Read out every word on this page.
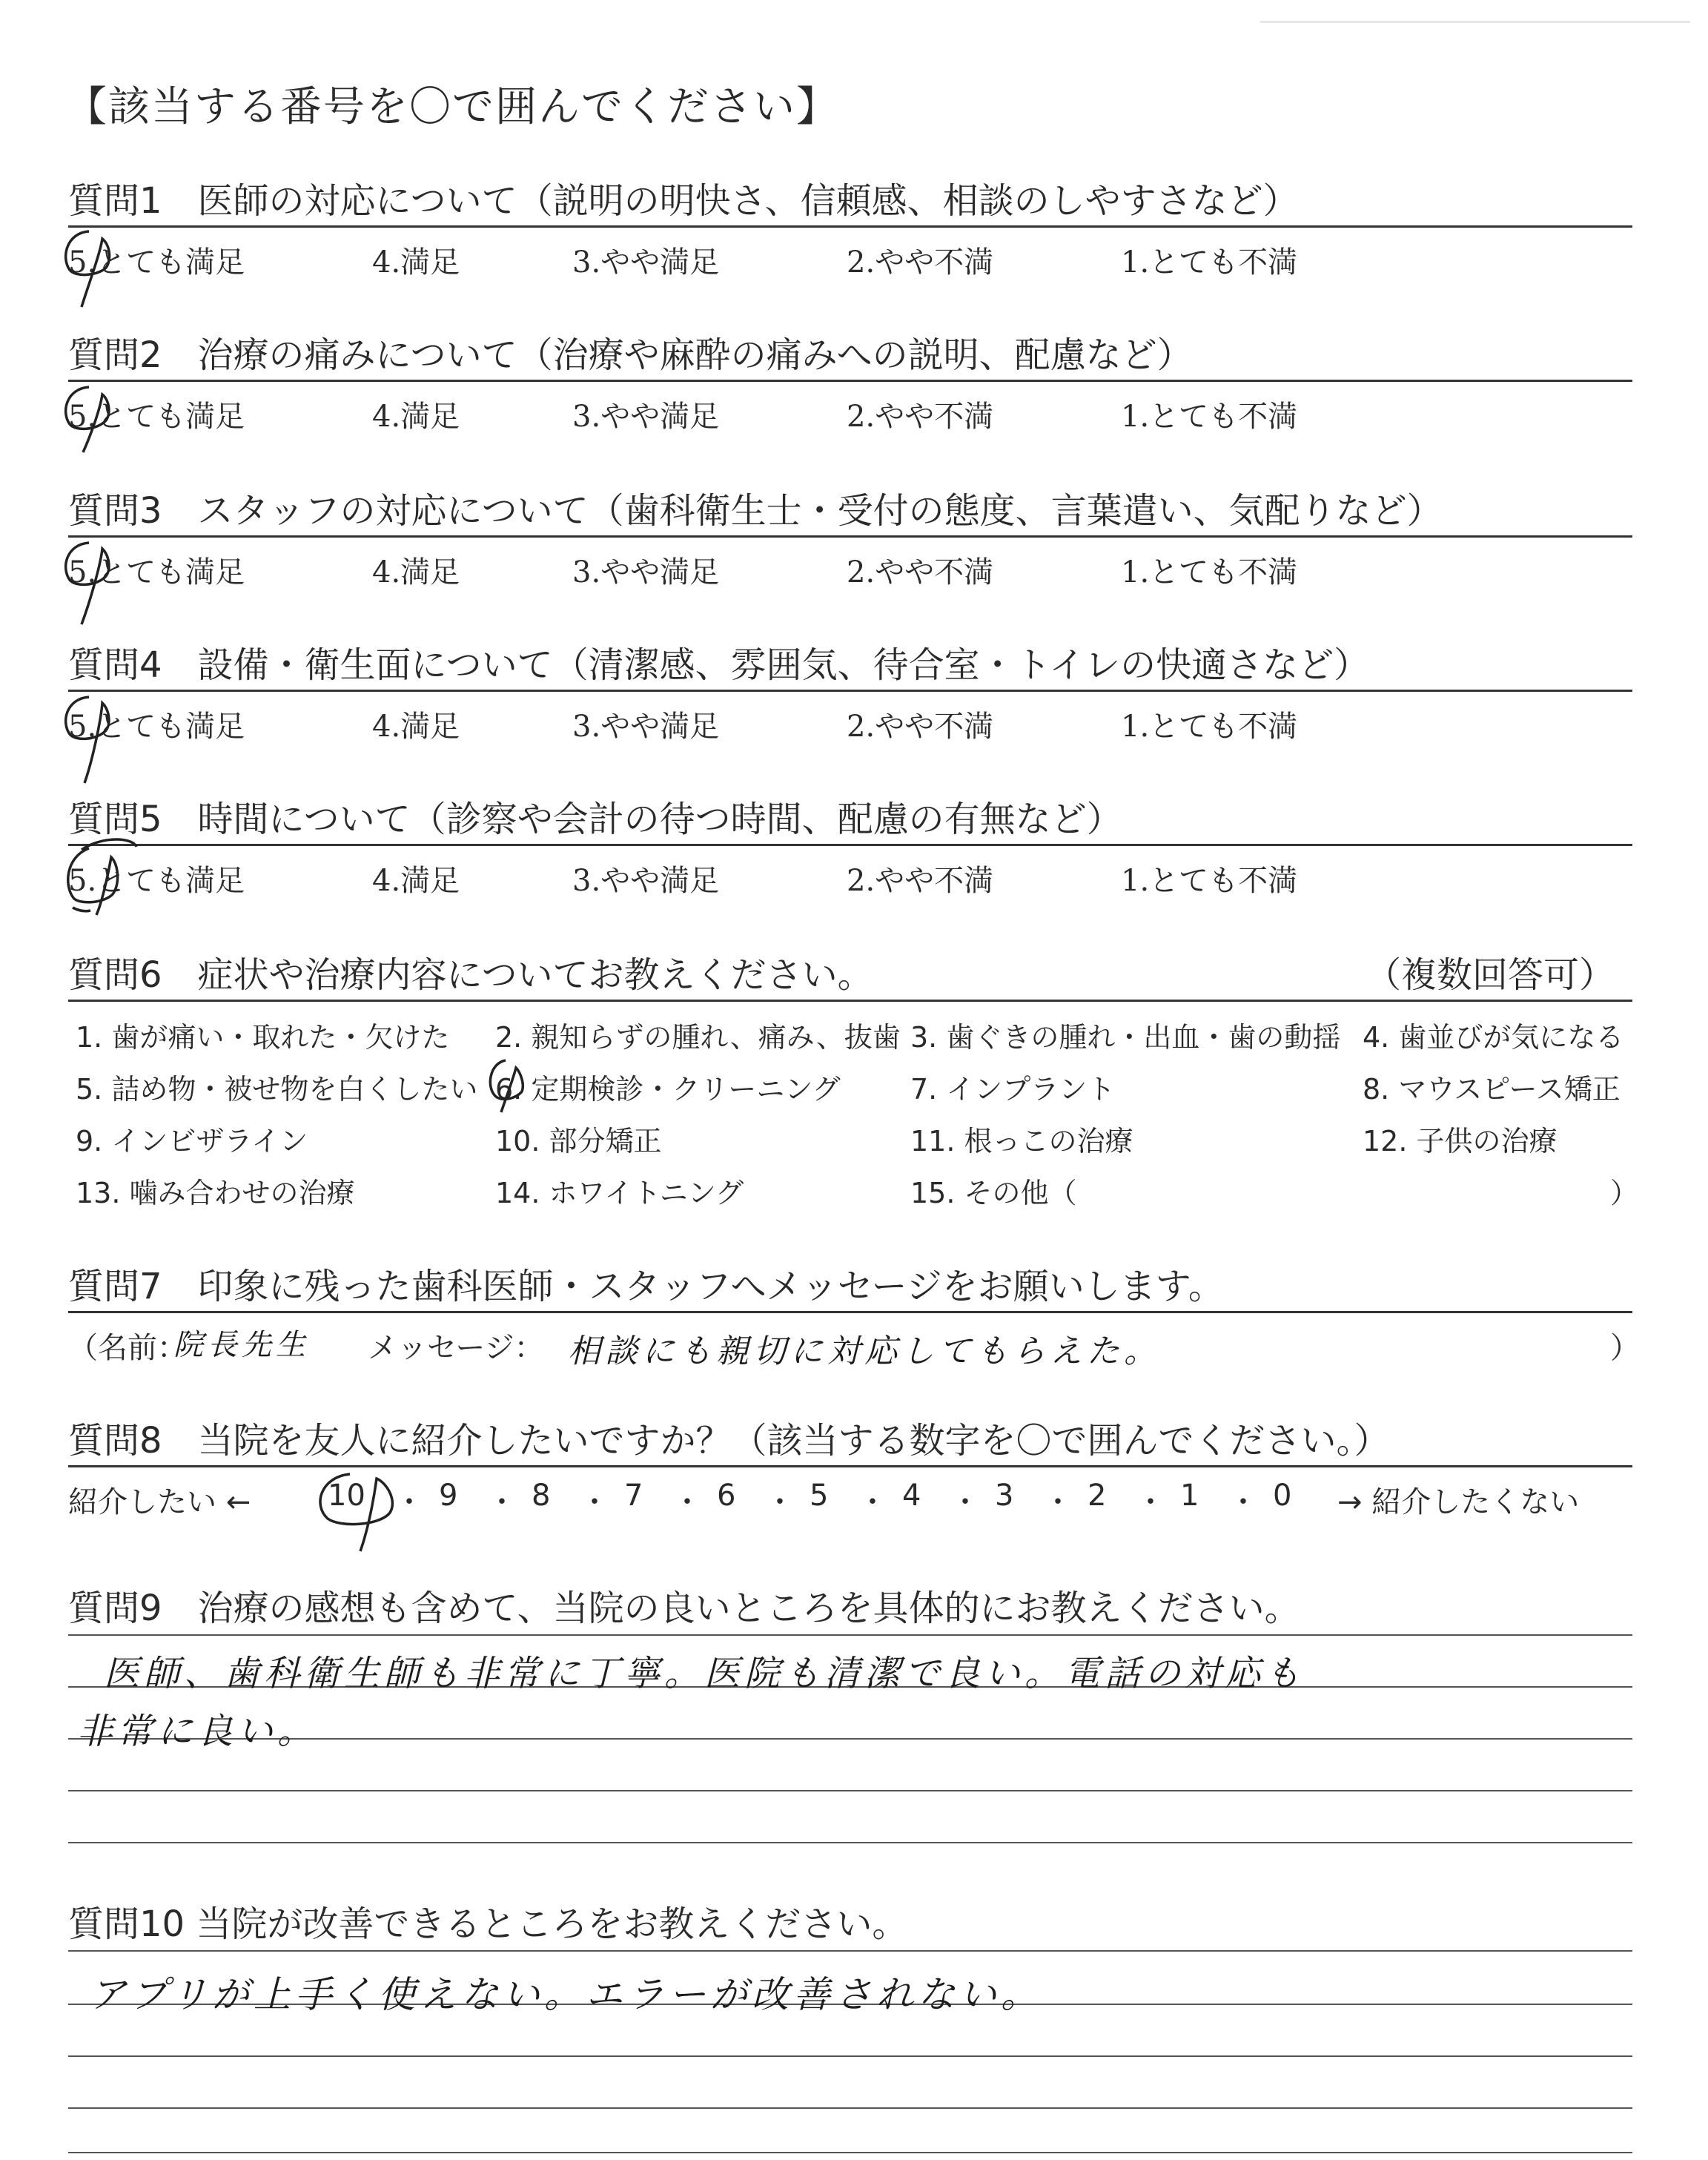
【該当する番号を〇で囲んでください】
質問1　医師の対応について（説明の明快さ、信頼感、相談のしやすさなど）
5.とても満足	4.満足	3.やや満足	2.やや不満	1.とても不満
質問2　治療の痛みについて（治療や麻酔の痛みへの説明、配慮など）
5.とても満足	4.満足	3.やや満足	2.やや不満	1.とても不満
質問3　スタッフの対応について（歯科衛生士・受付の態度、言葉遣い、気配りなど）
5.とても満足	4.満足	3.やや満足	2.やや不満	1.とても不満
質問4　設備・衛生面について（清潔感、雰囲気、待合室・トイレの快適さなど）
5.とても満足	4.満足	3.やや満足	2.やや不満	1.とても不満
質問5　時間について（診察や会計の待つ時間、配慮の有無など）
5.とても満足	4.満足	3.やや満足	2.やや不満	1.とても不満
質問6　症状や治療内容についてお教えください。	（複数回答可）
1. 歯が痛い・取れた・欠けた 2. 親知らずの腫れ、痛み、抜歯 3. 歯ぐきの腫れ・出血・歯の動揺 4. 歯並びが気になる
5. 詰め物・被せ物を白くしたい 6. 定期検診・クリーニング 7. インプラント	8. マウスピース矯正
9. インビザライン	10. 部分矯正	11. 根っこの治療	12. 子供の治療
13. 噛み合わせの治療	14. ホワイトニング	15. その他（	）
質問7　印象に残った歯科医師・スタッフへメッセージをお願いします。
（名前：
院長先生 メッセージ： 相談にも親切に対応してもらえた。	）
質問8　当院を友人に紹介したいですか？（該当する数字を〇で囲んでください。）
紹介したい ←	10 ・ 9 ・ 8 ・ 7 ・ 6 ・ 5 ・ 4 ・ 3 ・ 2 ・ 1 ・ 0 → 紹介したくない
質問9　治療の感想も含めて、当院の良いところを具体的にお教えください。
医師、歯科衛生師も非常に丁寧。医院も清潔で良い。電話の対応も
非常に良い。
質問10 当院が改善できるところをお教えください。
アプリが上手く使えない。エラーが改善されない。
